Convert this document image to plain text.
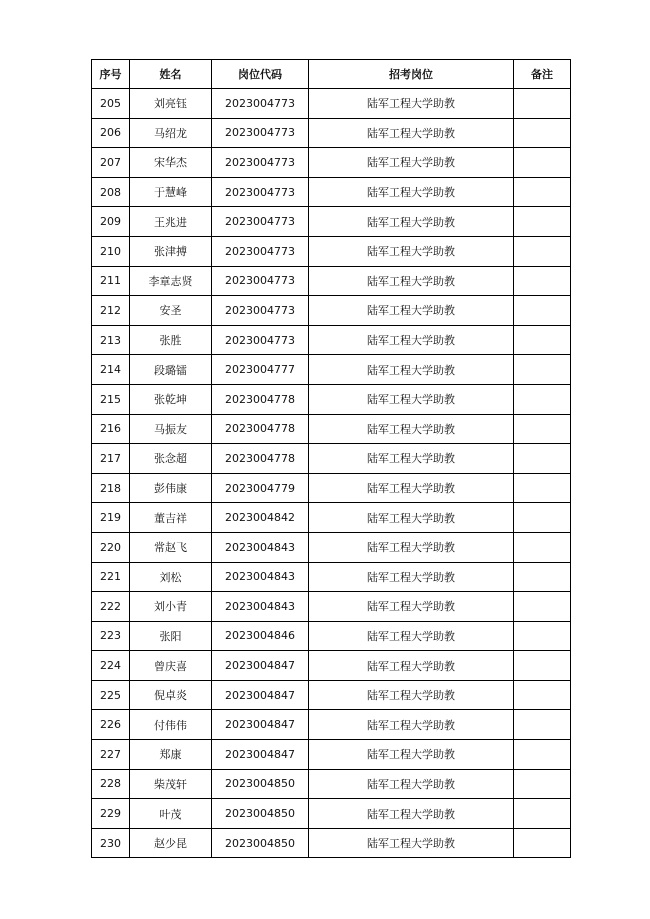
序号	姓名	岗位代码	招考岗位	备注
205	刘亮钰	2023004773	陆军工程大学助教	
206	马绍龙	2023004773	陆军工程大学助教	
207	宋华杰	2023004773	陆军工程大学助教	
208	于慧峰	2023004773	陆军工程大学助教	
209	王兆进	2023004773	陆军工程大学助教	
210	张津搏	2023004773	陆军工程大学助教	
211	李章志贤	2023004773	陆军工程大学助教	
212	安圣	2023004773	陆军工程大学助教	
213	张胜	2023004773	陆军工程大学助教	
214	段璐镭	2023004777	陆军工程大学助教	
215	张乾坤	2023004778	陆军工程大学助教	
216	马振友	2023004778	陆军工程大学助教	
217	张念超	2023004778	陆军工程大学助教	
218	彭伟康	2023004779	陆军工程大学助教	
219	董吉祥	2023004842	陆军工程大学助教	
220	常赵飞	2023004843	陆军工程大学助教	
221	刘松	2023004843	陆军工程大学助教	
222	刘小青	2023004843	陆军工程大学助教	
223	张阳	2023004846	陆军工程大学助教	
224	曾庆喜	2023004847	陆军工程大学助教	
225	倪卓炎	2023004847	陆军工程大学助教	
226	付伟伟	2023004847	陆军工程大学助教	
227	郑康	2023004847	陆军工程大学助教	
228	柴茂轩	2023004850	陆军工程大学助教	
229	叶茂	2023004850	陆军工程大学助教	
230	赵少昆	2023004850	陆军工程大学助教	
